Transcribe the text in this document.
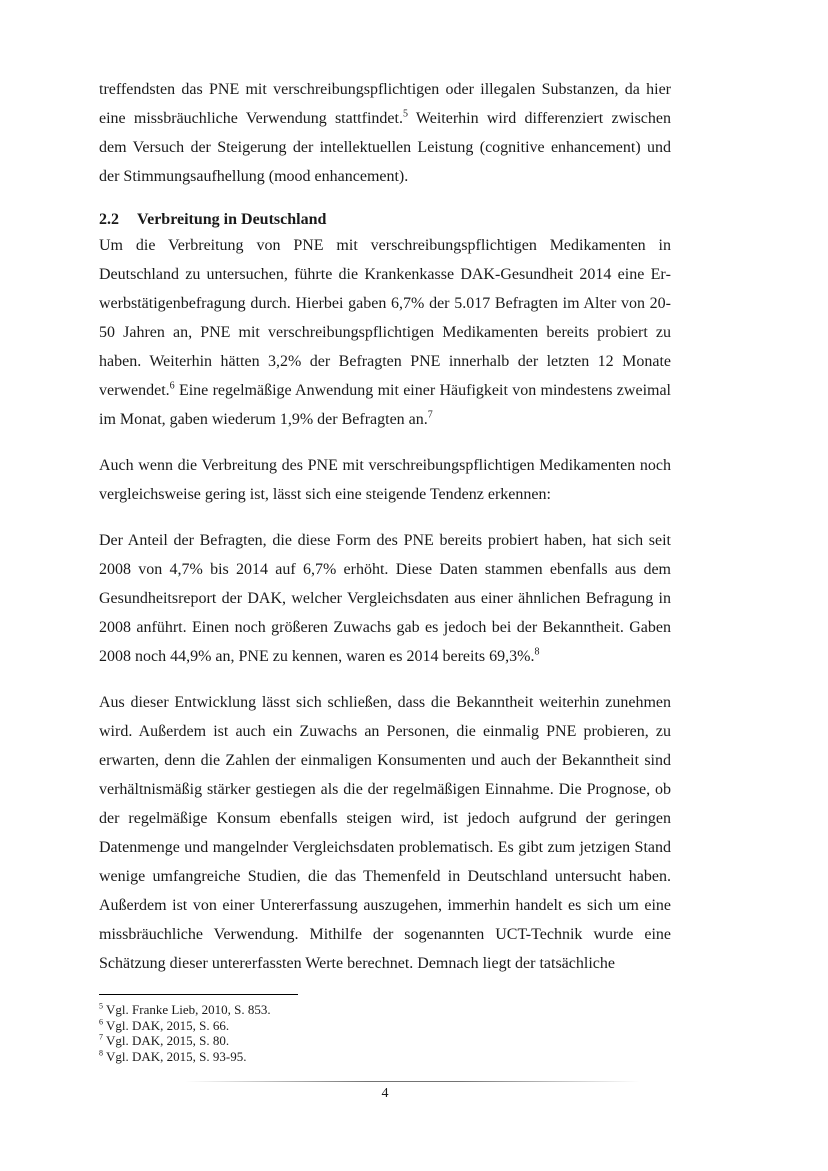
treffendsten das PNE mit verschreibungspflichtigen oder illegalen Substanzen, da hier eine missbräuchliche Verwendung stattfindet.$^5$ Weiterhin wird differenziert zwischen dem Versuch der Steigerung der intellektuellen Leistung (cognitive enhancement) und der Stimmungsaufhellung (mood enhancement).

2.2 Verbreitung in Deutschland

Um die Verbreitung von PNE mit verschreibungspflichtigen Medikamenten in Deutschland zu untersuchen, führte die Krankenkasse DAK-Gesundheit 2014 eine Erwerbstätigenbefragung durch. Hierbei gaben 6,7% der 5.017 Befragten im Alter von 20-50 Jahren an, PNE mit verschreibungspflichtigen Medikamenten bereits probiert zu haben. Weiterhin hätten 3,2% der Befragten PNE innerhalb der letzten 12 Monate verwendet.$^6$ Eine regelmäßige Anwendung mit einer Häufigkeit von mindestens zweimal im Monat, gaben wiederum 1,9% der Befragten an.$^7$

Auch wenn die Verbreitung des PNE mit verschreibungspflichtigen Medikamenten noch vergleichsweise gering ist, lässt sich eine steigende Tendenz erkennen:

Der Anteil der Befragten, die diese Form des PNE bereits probiert haben, hat sich seit 2008 von 4,7% bis 2014 auf 6,7% erhöht. Diese Daten stammen ebenfalls aus dem Gesundheitsreport der DAK, welcher Vergleichsdaten aus einer ähnlichen Befragung in 2008 anführt. Einen noch größeren Zuwachs gab es jedoch bei der Bekanntheit. Gaben 2008 noch 44,9% an, PNE zu kennen, waren es 2014 bereits 69,3%.$^8$

Aus dieser Entwicklung lässt sich schließen, dass die Bekanntheit weiterhin zunehmen wird. Außerdem ist auch ein Zuwachs an Personen, die einmalig PNE probieren, zu erwarten, denn die Zahlen der einmaligen Konsumenten und auch der Bekanntheit sind verhältnismäßig stärker gestiegen als die der regelmäßigen Einnahme. Die Prognose, ob der regelmäßige Konsum ebenfalls steigen wird, ist jedoch aufgrund der geringen Datenmenge und mangelnder Vergleichsdaten problematisch. Es gibt zum jetzigen Stand wenige umfangreiche Studien, die das Themenfeld in Deutschland untersucht haben. Außerdem ist von einer Untererfassung auszugehen, immerhin handelt es sich um eine missbräuchliche Verwendung. Mithilfe der sogenannten UCT-Technik wurde eine Schätzung dieser untererfassten Werte berechnet. Demnach liegt der tatsächliche

$^5$ Vgl. Franke Lieb, 2010, S. 853.
$^6$ Vgl. DAK, 2015, S. 66.
$^7$ Vgl. DAK, 2015, S. 80.
$^8$ Vgl. DAK, 2015, S. 93-95.
4
